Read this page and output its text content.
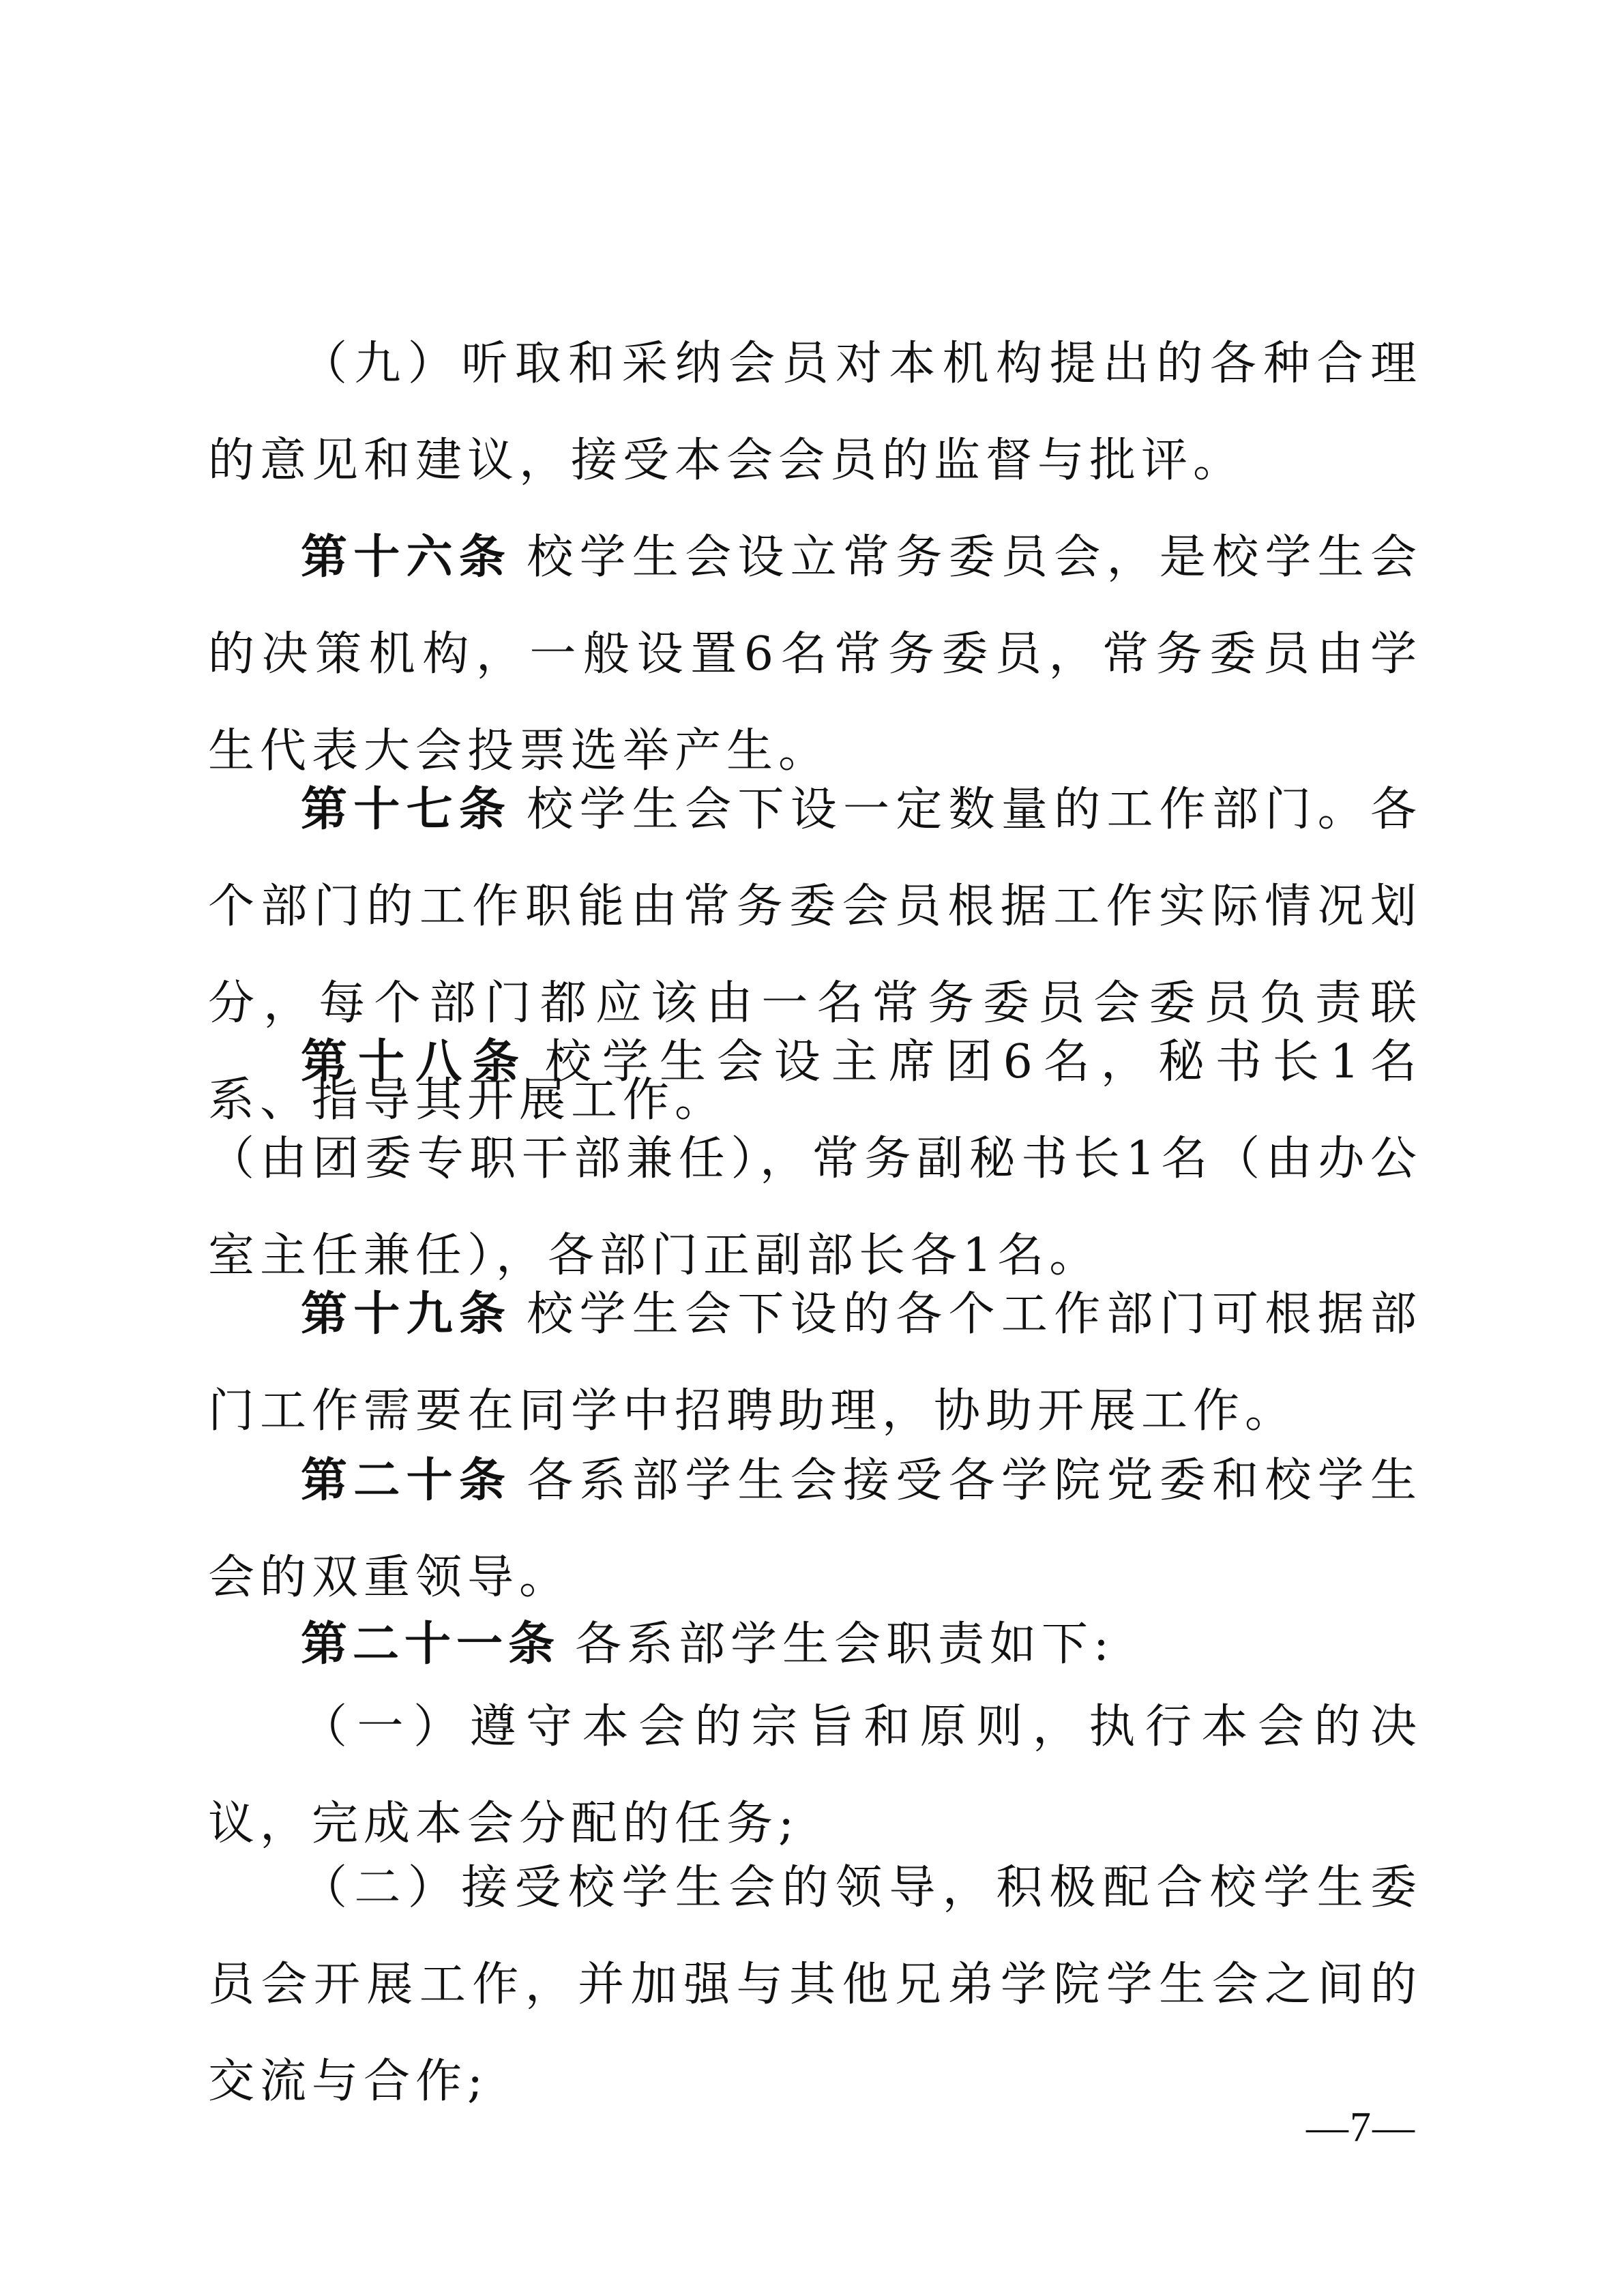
（九）听取和采纳会员对本机构提出的各种合理的意见和建议，接受本会会员的监督与批评。

第十六条 校学生会设立常务委员会，是校学生会的决策机构，一般设置6名常务委员，常务委员由学生代表大会投票选举产生。

第十七条 校学生会下设一定数量的工作部门。各个部门的工作职能由常务委会员根据工作实际情况划分，每个部门都应该由一名常务委员会委员负责联系、指导其开展工作。

第十八条 校学生会设主席团6名，秘书长1名（由团委专职干部兼任），常务副秘书长1名（由办公室主任兼任），各部门正副部长各1名。

第十九条 校学生会下设的各个工作部门可根据部门工作需要在同学中招聘助理，协助开展工作。

第二十条 各系部学生会接受各学院党委和校学生会的双重领导。

第二十一条 各系部学生会职责如下:

（一）遵守本会的宗旨和原则，执行本会的决议，完成本会分配的任务;

（二）接受校学生会的领导，积极配合校学生委员会开展工作，并加强与其他兄弟学院学生会之间的交流与合作;

—7—
